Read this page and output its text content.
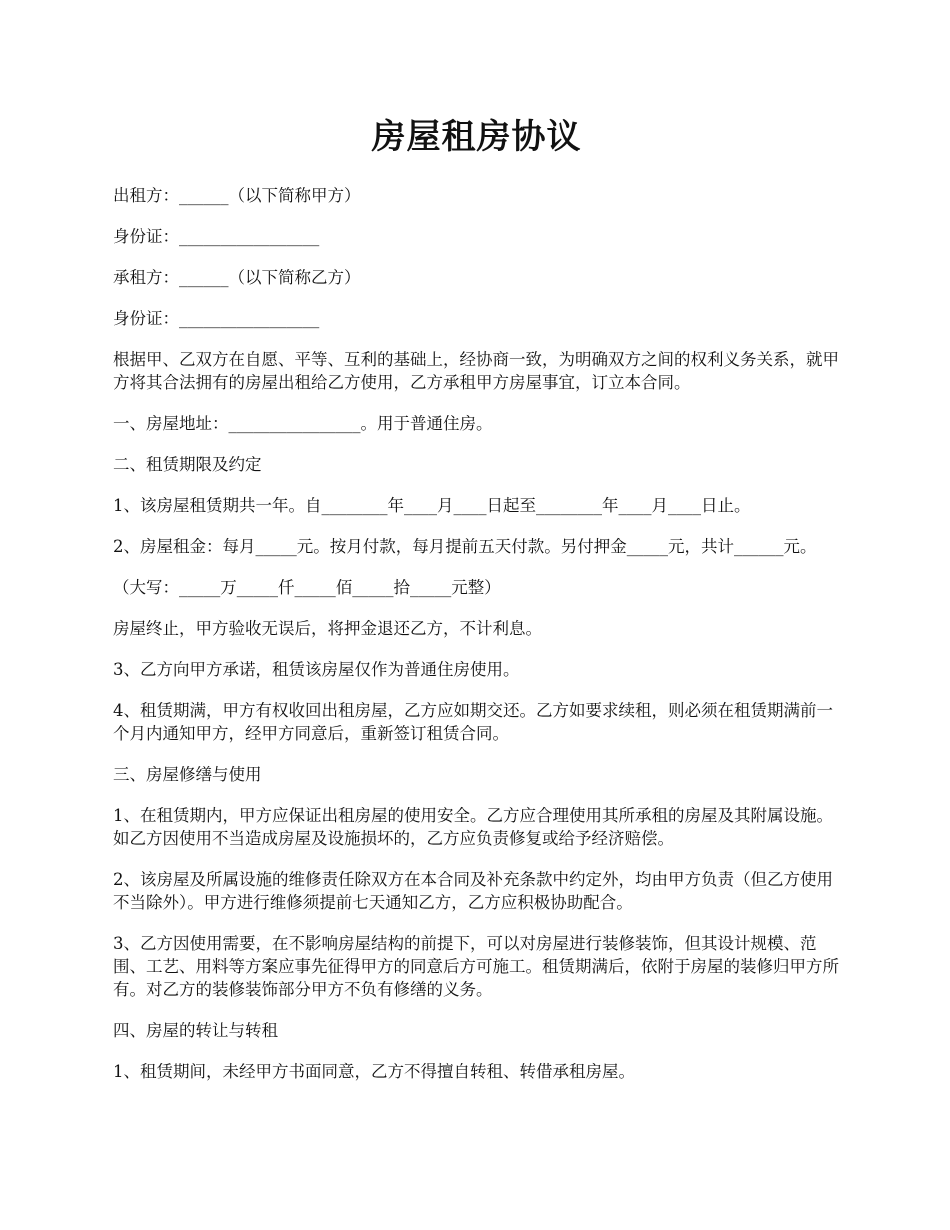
房屋租房协议

出租方：______（以下简称甲方）

身份证：_________________

承租方：______（以下简称乙方）

身份证：_________________

根据甲、乙双方在自愿、平等、互利的基础上，经协商一致，为明确双方之间的权利义务关系，就甲方将其合法拥有的房屋出租给乙方使用，乙方承租甲方房屋事宜，订立本合同。

一、房屋地址：________________。用于普通住房。

二、租赁期限及约定

1、该房屋租赁期共一年。自________年____月____日起至________年____月____日止。

2、房屋租金：每月_____元。按月付款，每月提前五天付款。另付押金_____元，共计______元。

（大写：_____万_____仟_____佰_____拾_____元整）

房屋终止，甲方验收无误后，将押金退还乙方，不计利息。

3、乙方向甲方承诺，租赁该房屋仅作为普通住房使用。

4、租赁期满，甲方有权收回出租房屋，乙方应如期交还。乙方如要求续租，则必须在租赁期满前一个月内通知甲方，经甲方同意后，重新签订租赁合同。

三、房屋修缮与使用

1、在租赁期内，甲方应保证出租房屋的使用安全。乙方应合理使用其所承租的房屋及其附属设施。如乙方因使用不当造成房屋及设施损坏的，乙方应负责修复或给予经济赔偿。

2、该房屋及所属设施的维修责任除双方在本合同及补充条款中约定外，均由甲方负责（但乙方使用不当除外）。甲方进行维修须提前七天通知乙方，乙方应积极协助配合。

3、乙方因使用需要，在不影响房屋结构的前提下，可以对房屋进行装修装饰，但其设计规模、范围、工艺、用料等方案应事先征得甲方的同意后方可施工。租赁期满后，依附于房屋的装修归甲方所有。对乙方的装修装饰部分甲方不负有修缮的义务。

四、房屋的转让与转租

1、租赁期间，未经甲方书面同意，乙方不得擅自转租、转借承租房屋。
